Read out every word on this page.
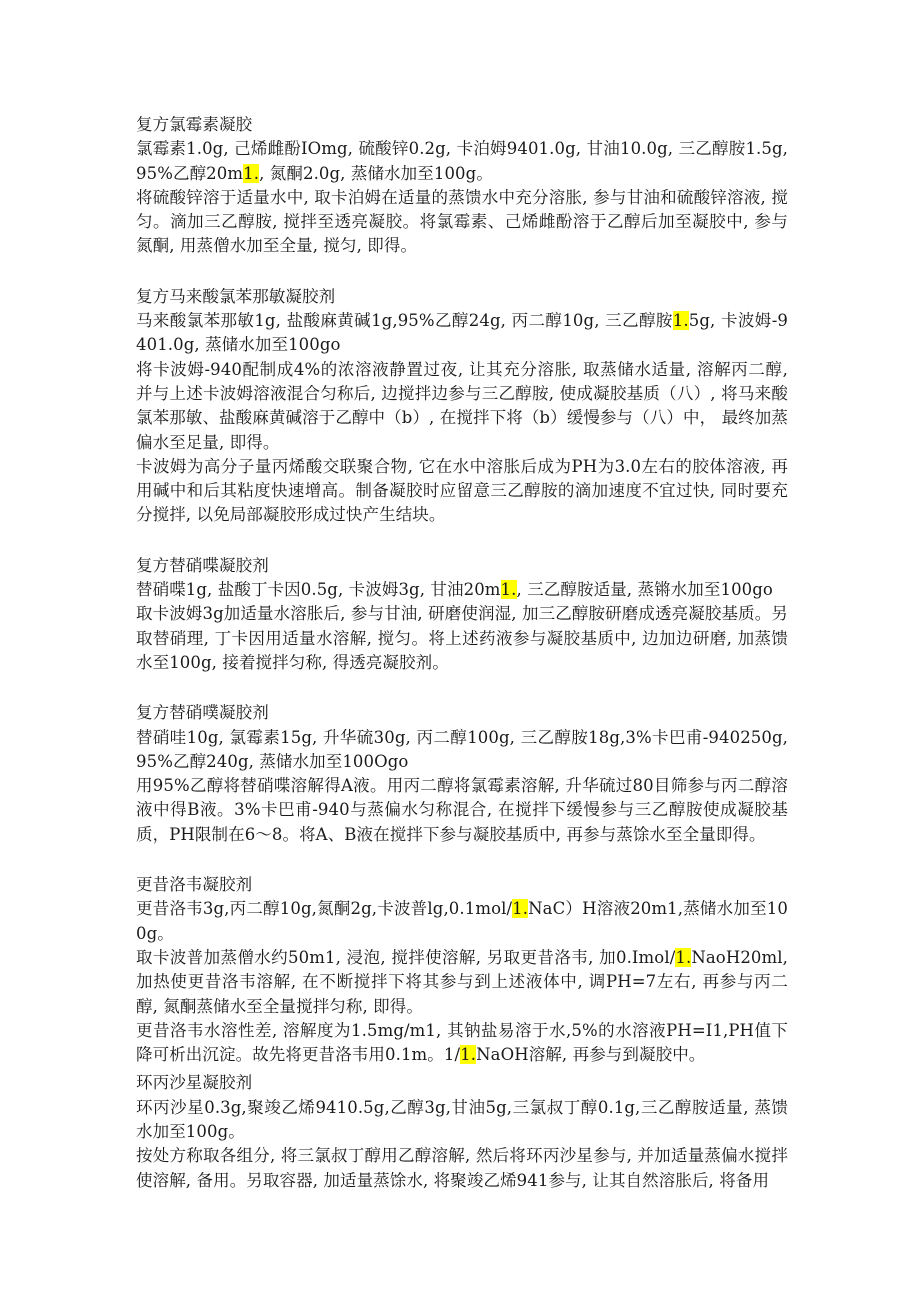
复方氯霉素凝胶

氯霉素1.0g, 己烯雌酚IOmg, 硫酸锌0.2g, 卡泊姆9401.0g, 甘油10.0g, 三乙醇胺1.5g,95%乙醇20m1., 氮酮2.0g, 蒸储水加至100g。

将硫酸锌溶于适量水中, 取卡泊姆在适量的蒸馈水中充分溶胀, 参与甘油和硫酸锌溶液, 搅匀。滴加三乙醇胺, 搅拌至透亮凝胶。将氯霉素、己烯雌酚溶于乙醇后加至凝胶中, 参与氮酮, 用蒸僧水加至全量, 搅匀, 即得。

复方马来酸氯苯那敏凝胶剂

马来酸氯苯那敏1g, 盐酸麻黄碱1g,95%乙醇24g, 丙二醇10g, 三乙醇胺1.5g, 卡波姆-9401.0g, 蒸储水加至100go

将卡波姆-940配制成4%的浓溶液静置过夜, 让其充分溶胀, 取蒸储水适量, 溶解丙二醇, 并与上述卡波姆溶液混合匀称后, 边搅拌边参与三乙醇胺, 使成凝胶基质（八）, 将马来酸氯苯那敏、盐酸麻黄碱溶于乙醇中（b）, 在搅拌下将（b）缓慢参与（八）中， 最终加蒸偏水至足量, 即得。

卡波姆为高分子量丙烯酸交联聚合物, 它在水中溶胀后成为PH为3.0左右的胶体溶液, 再用碱中和后其粘度快速增高。制备凝胶时应留意三乙醇胺的滴加速度不宜过快, 同时要充分搅拌, 以免局部凝胶形成过快产生结块。

复方替硝喋凝胶剂

替硝喋1g, 盐酸丁卡因0.5g, 卡波姆3g, 甘油20m1., 三乙醇胺适量, 蒸锵水加至100go

取卡波姆3g加适量水溶胀后, 参与甘油, 研磨使润湿, 加三乙醇胺研磨成透亮凝胶基质。另取替硝理, 丁卡因用适量水溶解, 搅匀。将上述药液参与凝胶基质中, 边加边研磨, 加蒸馈水至100g, 接着搅拌匀称, 得透亮凝胶剂。

复方替硝噗凝胶剂

替硝哇10g, 氯霉素15g, 升华硫30g, 丙二醇100g, 三乙醇胺18g,3%卡巴甫-940250g,95%乙醇240g, 蒸储水加至100Ogo

用95%乙醇将替硝喋溶解得A液。用丙二醇将氯霉素溶解, 升华硫过80目筛参与丙二醇溶液中得B液。3%卡巴甫-940与蒸偏水匀称混合, 在搅拌下缓慢参与三乙醇胺使成凝胶基质，PH限制在6～8。将A、B液在搅拌下参与凝胶基质中, 再参与蒸馀水至全量即得。

更昔洛韦凝胶剂

更昔洛韦3g,丙二醇10g,氮酮2g,卡波普lg,0.1mol/1.NaC）H溶液20m1,蒸储水加至100g。

取卡波普加蒸僧水约50m1, 浸泡, 搅拌使溶解, 另取更昔洛韦, 加0.Imol/1.NaoH20ml,加热使更昔洛韦溶解, 在不断搅拌下将其参与到上述液体中, 调PH=7左右, 再参与丙二醇, 氮酮蒸储水至全量搅拌匀称, 即得。

更昔洛韦水溶性差, 溶解度为1.5mg/m1, 其钠盐易溶于水,5%的水溶液PH=I1,PH值下降可析出沉淀。故先将更昔洛韦用0.1m。1/1.NaOH溶解, 再参与到凝胶中。

环丙沙星凝胶剂

环丙沙星0.3g,聚竣乙烯9410.5g,乙醇3g,甘油5g,三氯叔丁醇0.1g,三乙醇胺适量, 蒸馈水加至100g。

按处方称取各组分, 将三氯叔丁醇用乙醇溶解, 然后将环丙沙星参与, 并加适量蒸偏水搅拌使溶解, 备用。另取容器, 加适量蒸馀水, 将聚竣乙烯941参与, 让其自然溶胀后, 将备用
